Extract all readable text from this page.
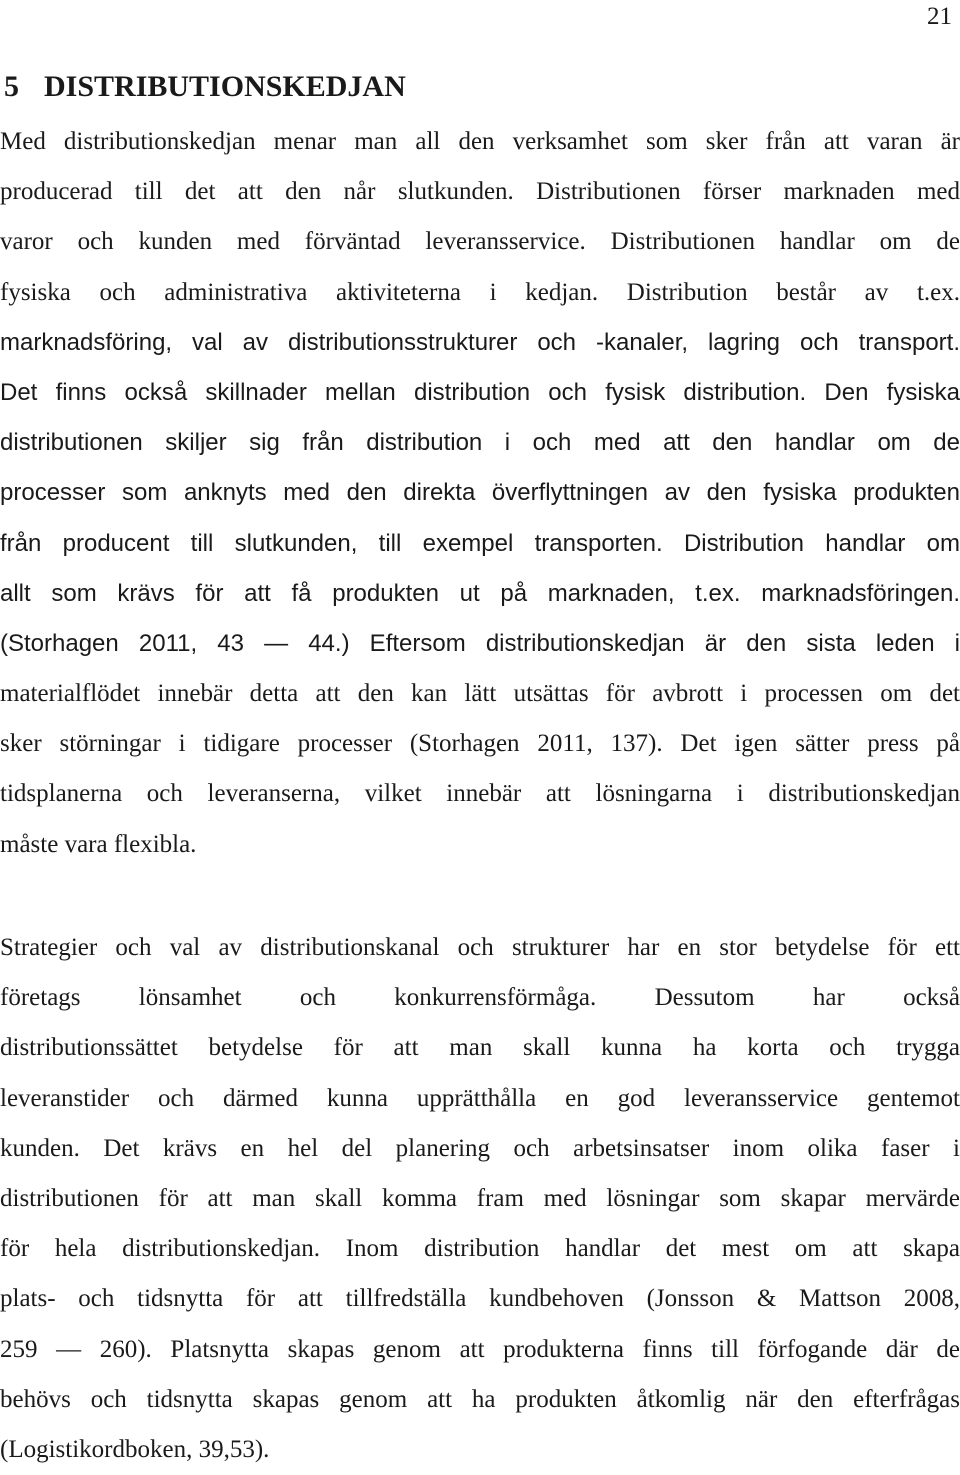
21
5 DISTRIBUTIONSKEDJAN
Med distributionskedjan menar man all den verksamhet som sker från att varan är
producerad till det att den når slutkunden. Distributionen förser marknaden med
varor och kunden med förväntad leveransservice. Distributionen handlar om de
fysiska och administrativa aktiviteterna i kedjan. Distribution består av t.ex.
marknadsföring, val av distributionsstrukturer och -kanaler, lagring och transport.
Det finns också skillnader mellan distribution och fysisk distribution. Den fysiska
distributionen skiljer sig från distribution i och med att den handlar om de
processer som anknyts med den direkta överflyttningen av den fysiska produkten
från producent till slutkunden, till exempel transporten. Distribution handlar om
allt som krävs för att få produkten ut på marknaden, t.ex. marknadsföringen.
(Storhagen 2011, 43 — 44.) Eftersom distributionskedjan är den sista leden i
materialflödet innebär detta att den kan lätt utsättas för avbrott i processen om det
sker störningar i tidigare processer (Storhagen 2011, 137). Det igen sätter press på
tidsplanerna och leveranserna, vilket innebär att lösningarna i distributionskedjan
måste vara flexibla.
Strategier och val av distributionskanal och strukturer har en stor betydelse för ett
företags lönsamhet och konkurrensförmåga. Dessutom har också
distributionssättet betydelse för att man skall kunna ha korta och trygga
leveranstider och därmed kunna upprätthålla en god leveransservice gentemot
kunden. Det krävs en hel del planering och arbetsinsatser inom olika faser i
distributionen för att man skall komma fram med lösningar som skapar mervärde
för hela distributionskedjan. Inom distribution handlar det mest om att skapa
plats- och tidsnytta för att tillfredställa kundbehoven (Jonsson & Mattson 2008,
259 — 260). Platsnytta skapas genom att produkterna finns till förfogande där de
behövs och tidsnytta skapas genom att ha produkten åtkomlig när den efterfrågas
(Logistikordboken, 39,53).
